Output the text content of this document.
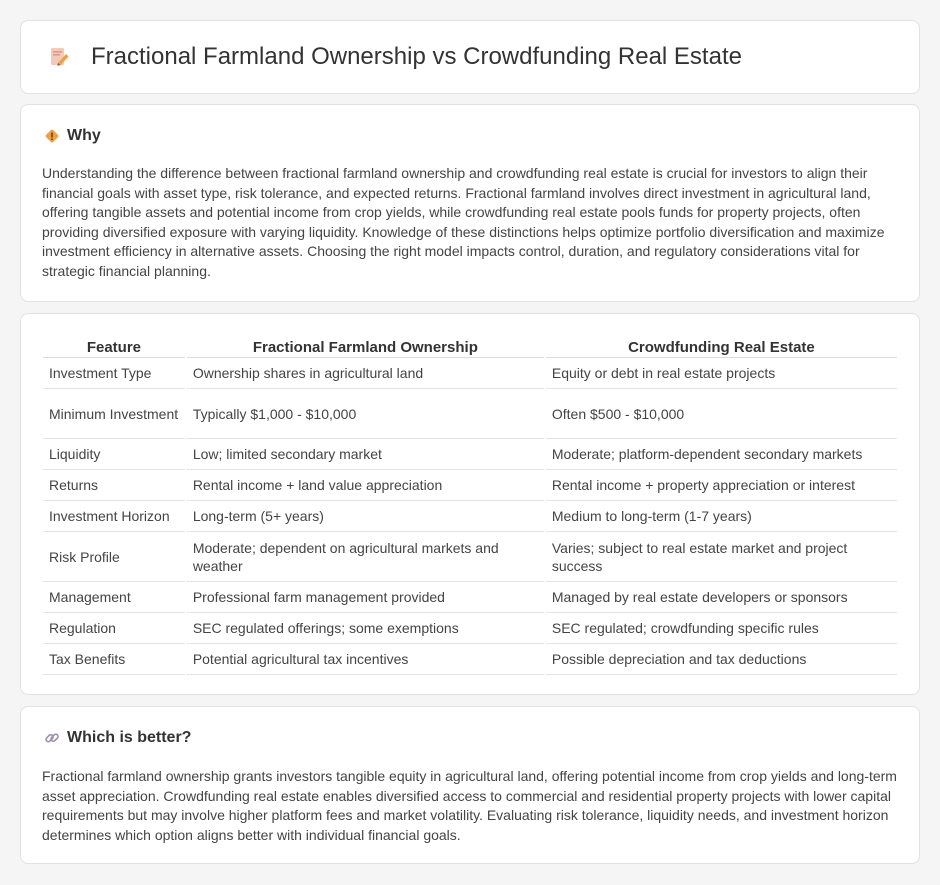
Fractional Farmland Ownership vs Crowdfunding Real Estate
Why

Understanding the difference between fractional farmland ownership and crowdfunding real estate is crucial for investors to align their financial goals with asset type, risk tolerance, and expected returns. Fractional farmland involves direct investment in agricultural land, offering tangible assets and potential income from crop yields, while crowdfunding real estate pools funds for property projects, often providing diversified exposure with varying liquidity. Knowledge of these distinctions helps optimize portfolio diversification and maximize investment efficiency in alternative assets. Choosing the right model impacts control, duration, and regulatory considerations vital for strategic financial planning.

Feature	Fractional Farmland Ownership	Crowdfunding Real Estate
Investment Type	Ownership shares in agricultural land	Equity or debt in real estate projects
Minimum Investment	Typically $1,000 - $10,000	Often $500 - $10,000
Liquidity	Low; limited secondary market	Moderate; platform-dependent secondary markets
Returns	Rental income + land value appreciation	Rental income + property appreciation or interest
Investment Horizon	Long-term (5+ years)	Medium to long-term (1-7 years)
Risk Profile	Moderate; dependent on agricultural markets and weather	Varies; subject to real estate market and project success
Management	Professional farm management provided	Managed by real estate developers or sponsors
Regulation	SEC regulated offerings; some exemptions	SEC regulated; crowdfunding specific rules
Tax Benefits	Potential agricultural tax incentives	Possible depreciation and tax deductions
Which is better?

Fractional farmland ownership grants investors tangible equity in agricultural land, offering potential income from crop yields and long-term asset appreciation. Crowdfunding real estate enables diversified access to commercial and residential property projects with lower capital requirements but may involve higher platform fees and market volatility. Evaluating risk tolerance, liquidity needs, and investment horizon determines which option aligns better with individual financial goals.
